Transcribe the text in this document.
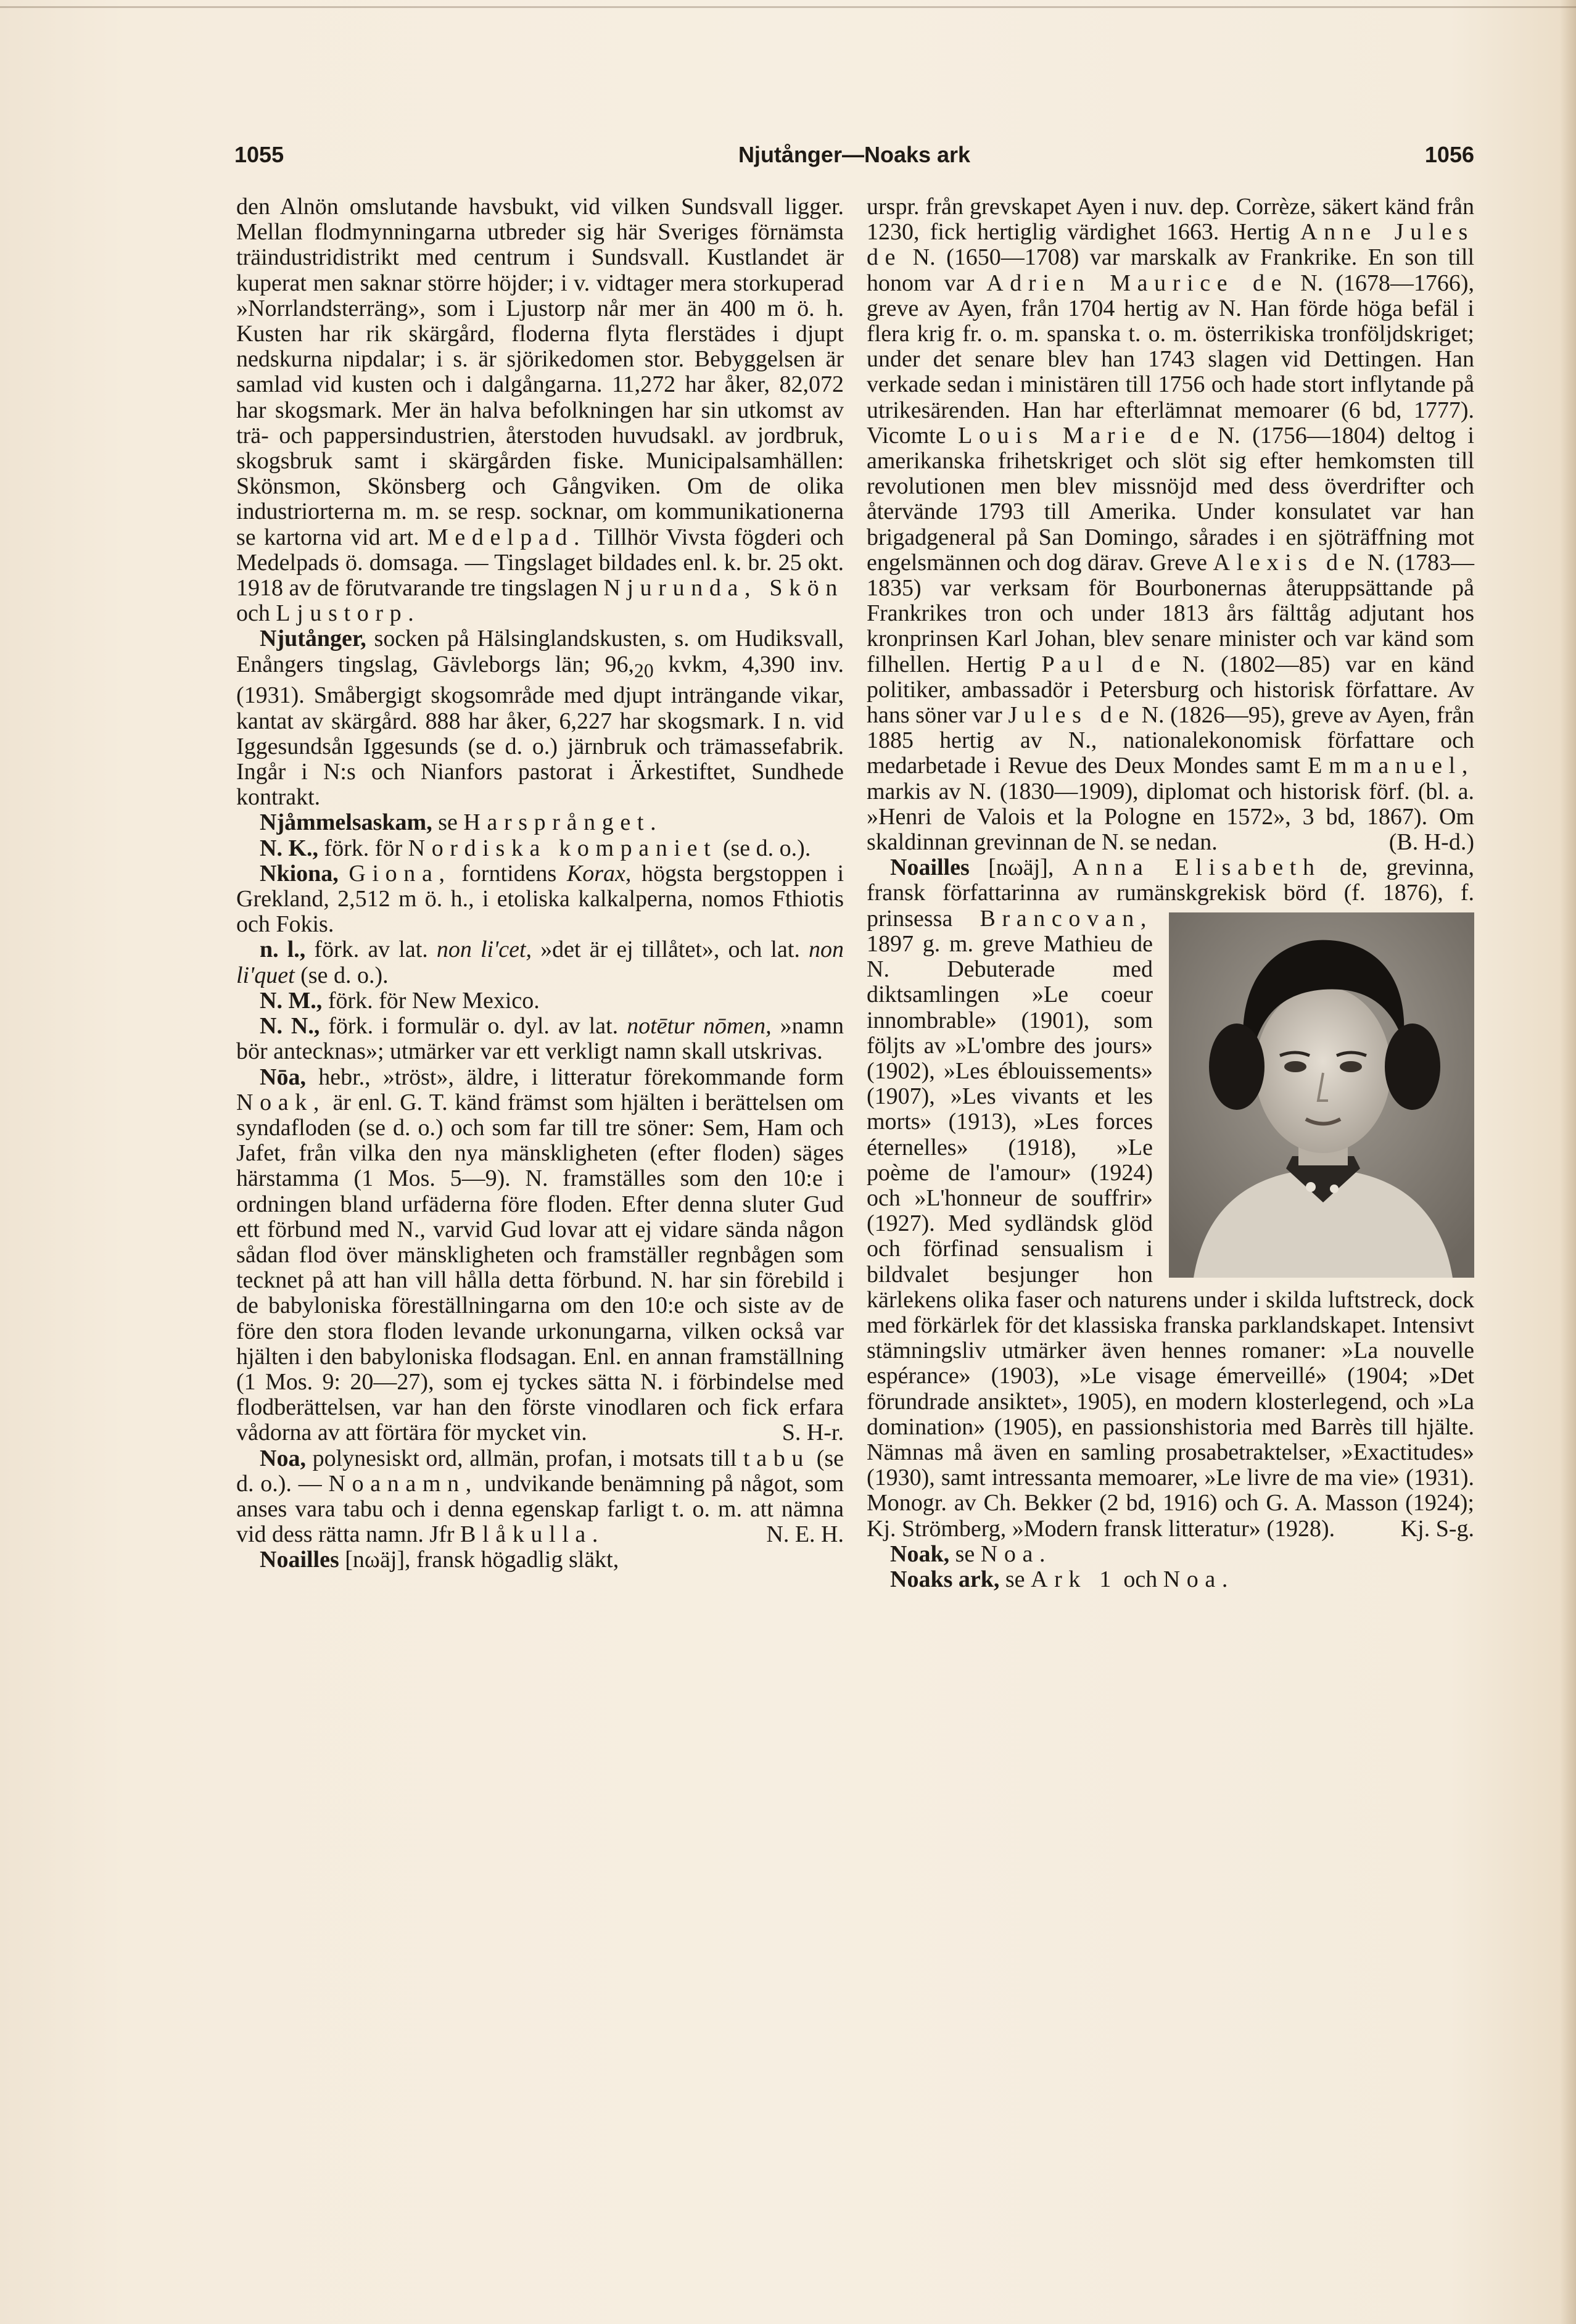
1055	Njutånger—Noaks ark	1056

den Alnön omslutande havsbukt, vid vilken Sundsvall ligger. Mellan flodmynningarna utbreder sig här Sveriges förnämsta träindustridistrikt med centrum i Sundsvall. Kustlandet är kuperat men saknar större höjder; i v. vidtager mera storkuperad »Norrlandsterräng», som i Ljustorp når mer än 400 m ö. h. Kusten har rik skärgård, floderna flyta flerstädes i djupt nedskurna nipdalar; i s. är sjörikedomen stor. Bebyggelsen är samlad vid kusten och i dalgångarna. 11,272 har åker, 82,072 har skogsmark. Mer än halva befolkningen har sin utkomst av trä- och pappersindustrien, återstoden huvudsakl. av jordbruk, skogsbruk samt i skärgården fiske. Municipalsamhällen: Skönsmon, Skönsberg och Gångviken. Om de olika industriorterna m. m. se resp. socknar, om kommunikationerna se kartorna vid art. Medelpad. Tillhör Vivsta fögderi och Medelpads ö. domsaga. — Tingslaget bildades enl. k. br. 25 okt. 1918 av de förutvarande tre tingslagen Njurunda, Skön och Ljustorp.

Njutånger, socken på Hälsinglandskusten, s. om Hudiksvall, Enångers tingslag, Gävleborgs län; $96,_{20}$ kvkm, 4,390 inv. (1931). Småbergigt skogsområde med djupt inträngande vikar, kantat av skärgård. 888 har åker, 6,227 har skogsmark. I n. vid Iggesundsån Iggesunds (se d. o.) järnbruk och trämassefabrik. Ingår i N:s och Nianfors pastorat i Ärkestiftet, Sundhede kontrakt.

Njåmmelsaskam, se Harsprånget.

N. K., förk. för Nordiska kompaniet (se d. o.).

Nkiona, Giona, forntidens Korax, högsta bergstoppen i Grekland, 2,512 m ö. h., i etoliska kalkalperna, nomos Fthiotis och Fokis.

n. l., förk. av lat. non li'cet, »det är ej tillåtet», och lat. non li'quet (se d. o.).

N. M., förk. för New Mexico.

N. N., förk. i formulär o. dyl. av lat. notētur nōmen, »namn bör antecknas»; utmärker var ett verkligt namn skall utskrivas.

Nōa, hebr., »tröst», äldre, i litteratur förekommande form Noak, är enl. G. T. känd främst som hjälten i berättelsen om syndafloden (se d. o.) och som far till tre söner: Sem, Ham och Jafet, från vilka den nya mänskligheten (efter floden) säges härstamma (1 Mos. 5—9). N. framställes som den 10:e i ordningen bland urfäderna före floden. Efter denna sluter Gud ett förbund med N., varvid Gud lovar att ej vidare sända någon sådan flod över mänskligheten och framställer regnbågen som tecknet på att han vill hålla detta förbund. N. har sin förebild i de babyloniska föreställningarna om den 10:e och siste av de före den stora floden levande urkonungarna, vilken också var hjälten i den babyloniska flodsagan. Enl. en annan framställning (1 Mos. 9: 20—27), som ej tyckes sätta N. i förbindelse med flodberättelsen, var han den förste vinodlaren och fick erfara vådorna av att förtära för mycket vin.	S. H-r.

Noa, polynesiskt ord, allmän, profan, i motsats till tabu (se d. o.). — Noanamn, undvikande benämning på något, som anses vara tabu och i denna egenskap farligt t. o. m. att nämna vid dess rätta namn. Jfr Blåkulla.	N. E. H.

Noailles [nωäj], fransk högadlig släkt,

urspr. från grevskapet Ayen i nuv. dep. Corrèze, säkert känd från 1230, fick hertiglig värdighet 1663. Hertig Anne Jules de N. (1650—1708) var marskalk av Frankrike. En son till honom var Adrien Maurice de N. (1678—1766), greve av Ayen, från 1704 hertig av N. Han förde höga befäl i flera krig fr. o. m. spanska t. o. m. österrikiska tronföljdskriget; under det senare blev han 1743 slagen vid Dettingen. Han verkade sedan i ministären till 1756 och hade stort inflytande på utrikesärenden. Han har efterlämnat memoarer (6 bd, 1777). Vicomte Louis Marie de N. (1756—1804) deltog i amerikanska frihetskriget och slöt sig efter hemkomsten till revolutionen men blev missnöjd med dess överdrifter och återvände 1793 till Amerika. Under konsulatet var han brigadgeneral på San Domingo, sårades i en sjöträffning mot engelsmännen och dog därav. Greve Alexis de N. (1783—1835) var verksam för Bourbonernas återuppsättande på Frankrikes tron och under 1813 års fälttåg adjutant hos kronprinsen Karl Johan, blev senare minister och var känd som filhellen. Hertig Paul de N. (1802—85) var en känd politiker, ambassadör i Petersburg och historisk författare. Av hans söner var Jules de N. (1826—95), greve av Ayen, från 1885 hertig av N., nationalekonomisk författare och medarbetade i Revue des Deux Mondes samt Emmanuel, markis av N. (1830—1909), diplomat och historisk förf. (bl. a. »Henri de Valois et la Pologne en 1572», 3 bd, 1867). Om skaldinnan grevinnan de N. se nedan.	(B. H-d.)

Noailles [nωäj], Anna Elisabeth de, grevinna, fransk författarinna av rumänskgrekisk börd (f. 1876), f. prinsessa Brancovan,
1897 g. m. greve Mathieu de N. Debuterade med diktsamlingen »Le coeur innombrable» (1901), som följts av »L'ombre des jours» (1902), »Les éblouissements» (1907), »Les vivants et les morts» (1913), »Les forces éternelles» (1918), »Le poème de l'amour» (1924) och »L'honneur de souffrir» (1927). Med sydländsk glöd och förfinad sensualism i bildvalet besjunger hon kärlekens olika faser och naturens under i skilda luftstreck, dock med förkärlek för det klassiska franska parklandskapet. Intensivt stämningsliv utmärker även hennes romaner: »La nouvelle espérance» (1903), »Le visage émerveillé» (1904; »Det förundrade ansiktet», 1905), en modern klosterlegend, och »La domination» (1905), en passionshistoria med Barrès till hjälte. Nämnas må även en samling prosabetraktelser, »Exactitudes» (1930), samt intressanta memoarer, »Le livre de ma vie» (1931). Monogr. av Ch. Bekker (2 bd, 1916) och G. A. Masson (1924); Kj. Strömberg, »Modern fransk litteratur» (1928).	Kj. S-g.

Noak, se Noa.

Noaks ark, se Ark 1 och Noa.
